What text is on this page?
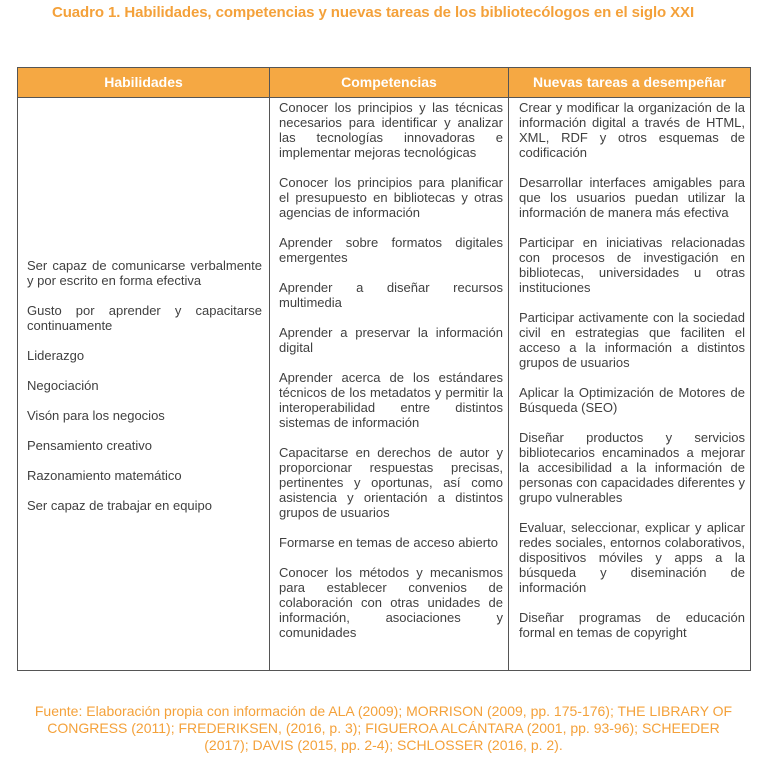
Cuadro 1. Habilidades, competencias y nuevas tareas de los bibliotecólogos en el siglo XXI
Habilidades	Competencias	Nuevas tareas a desempeñar
Ser capaz de comunicarse verbalmente y por escrito en forma efectiva
Gusto por aprender y capacitarse continuamente
Liderazgo
Negociación
Visón para los negocios
Pensamiento creativo
Razonamiento matemático
Ser capaz de trabajar en equipo
Conocer los principios y las técnicas necesarios para identificar y analizar las tecnologías innovadoras e implementar mejoras tecnológicas
Conocer los principios para planificar el presupuesto en bibliotecas y otras agencias de información
Aprender sobre formatos digitales emergentes
Aprender a diseñar recursos multimedia
Aprender a preservar la información digital
Aprender acerca de los estándares técnicos de los metadatos y permitir la interoperabilidad entre distintos sistemas de información
Capacitarse en derechos de autor y proporcionar respuestas precisas, pertinentes y oportunas, así como asistencia y orientación a distintos grupos de usuarios
Formarse en temas de acceso abierto
Conocer los métodos y mecanismos para establecer convenios de colaboración con otras unidades de información, asociaciones y comunidades
Crear y modificar la organización de la información digital a través de HTML, XML, RDF y otros esquemas de codificación
Desarrollar interfaces amigables para que los usuarios puedan utilizar la información de manera más efectiva
Participar en iniciativas relacionadas con procesos de investigación en bibliotecas, universidades u otras instituciones
Participar activamente con la sociedad civil en estrategias que faciliten el acceso a la información a distintos grupos de usuarios
Aplicar la Optimización de Motores de Búsqueda (SEO)
Diseñar productos y servicios bibliotecarios encaminados a mejorar la accesibilidad a la información de personas con capacidades diferentes y grupo vulnerables
Evaluar, seleccionar, explicar y aplicar redes sociales, entornos colaborativos, dispositivos móviles y apps a la búsqueda y diseminación de información
Diseñar programas de educación formal en temas de copyright
Fuente: Elaboración propia con información de ALA (2009); MORRISON (2009, pp. 175-176); THE LIBRARY OF
CONGRESS (2011); FREDERIKSEN, (2016, p. 3); FIGUEROA ALCÁNTARA (2001, pp. 93-96); SCHEEDER
(2017); DAVIS (2015, pp. 2-4); SCHLOSSER (2016, p. 2).
